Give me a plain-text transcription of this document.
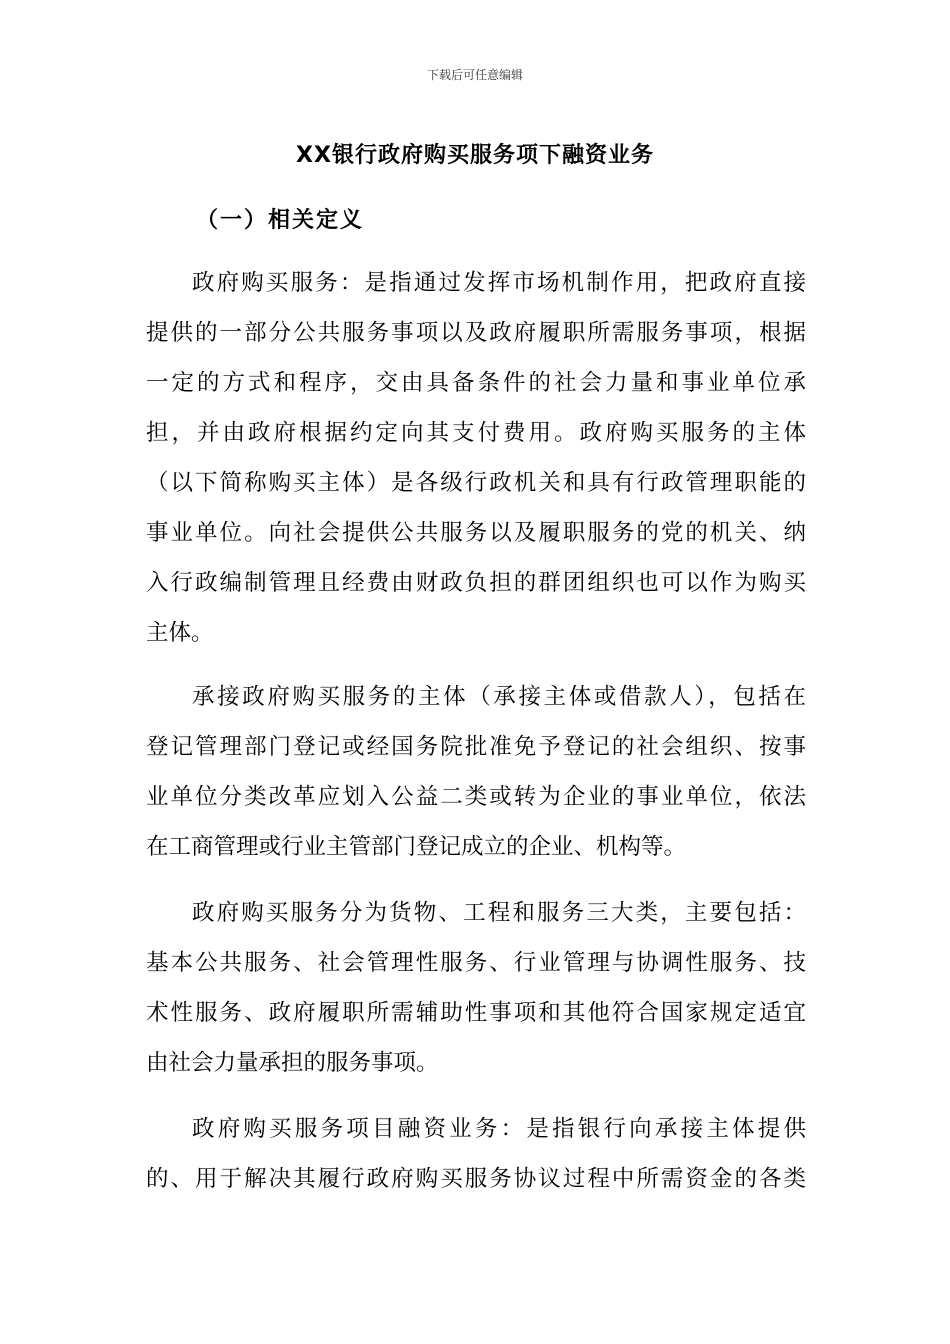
下载后可任意编辑
XX银行政府购买服务项下融资业务
（一）相关定义
政府购买服务：是指通过发挥市场机制作用，把政府直接
提供的一部分公共服务事项以及政府履职所需服务事项，根据
一定的方式和程序，交由具备条件的社会力量和事业单位承
担，并由政府根据约定向其支付费用。政府购买服务的主体
（以下简称购买主体）是各级行政机关和具有行政管理职能的
事业单位。向社会提供公共服务以及履职服务的党的机关、纳
入行政编制管理且经费由财政负担的群团组织也可以作为购买
主体。
承接政府购买服务的主体（承接主体或借款人），包括在
登记管理部门登记或经国务院批准免予登记的社会组织、按事
业单位分类改革应划入公益二类或转为企业的事业单位，依法
在工商管理或行业主管部门登记成立的企业、机构等。
政府购买服务分为货物、工程和服务三大类，主要包括：
基本公共服务、社会管理性服务、行业管理与协调性服务、技
术性服务、政府履职所需辅助性事项和其他符合国家规定适宜
由社会力量承担的服务事项。
政府购买服务项目融资业务：是指银行向承接主体提供
的、用于解决其履行政府购买服务协议过程中所需资金的各类
